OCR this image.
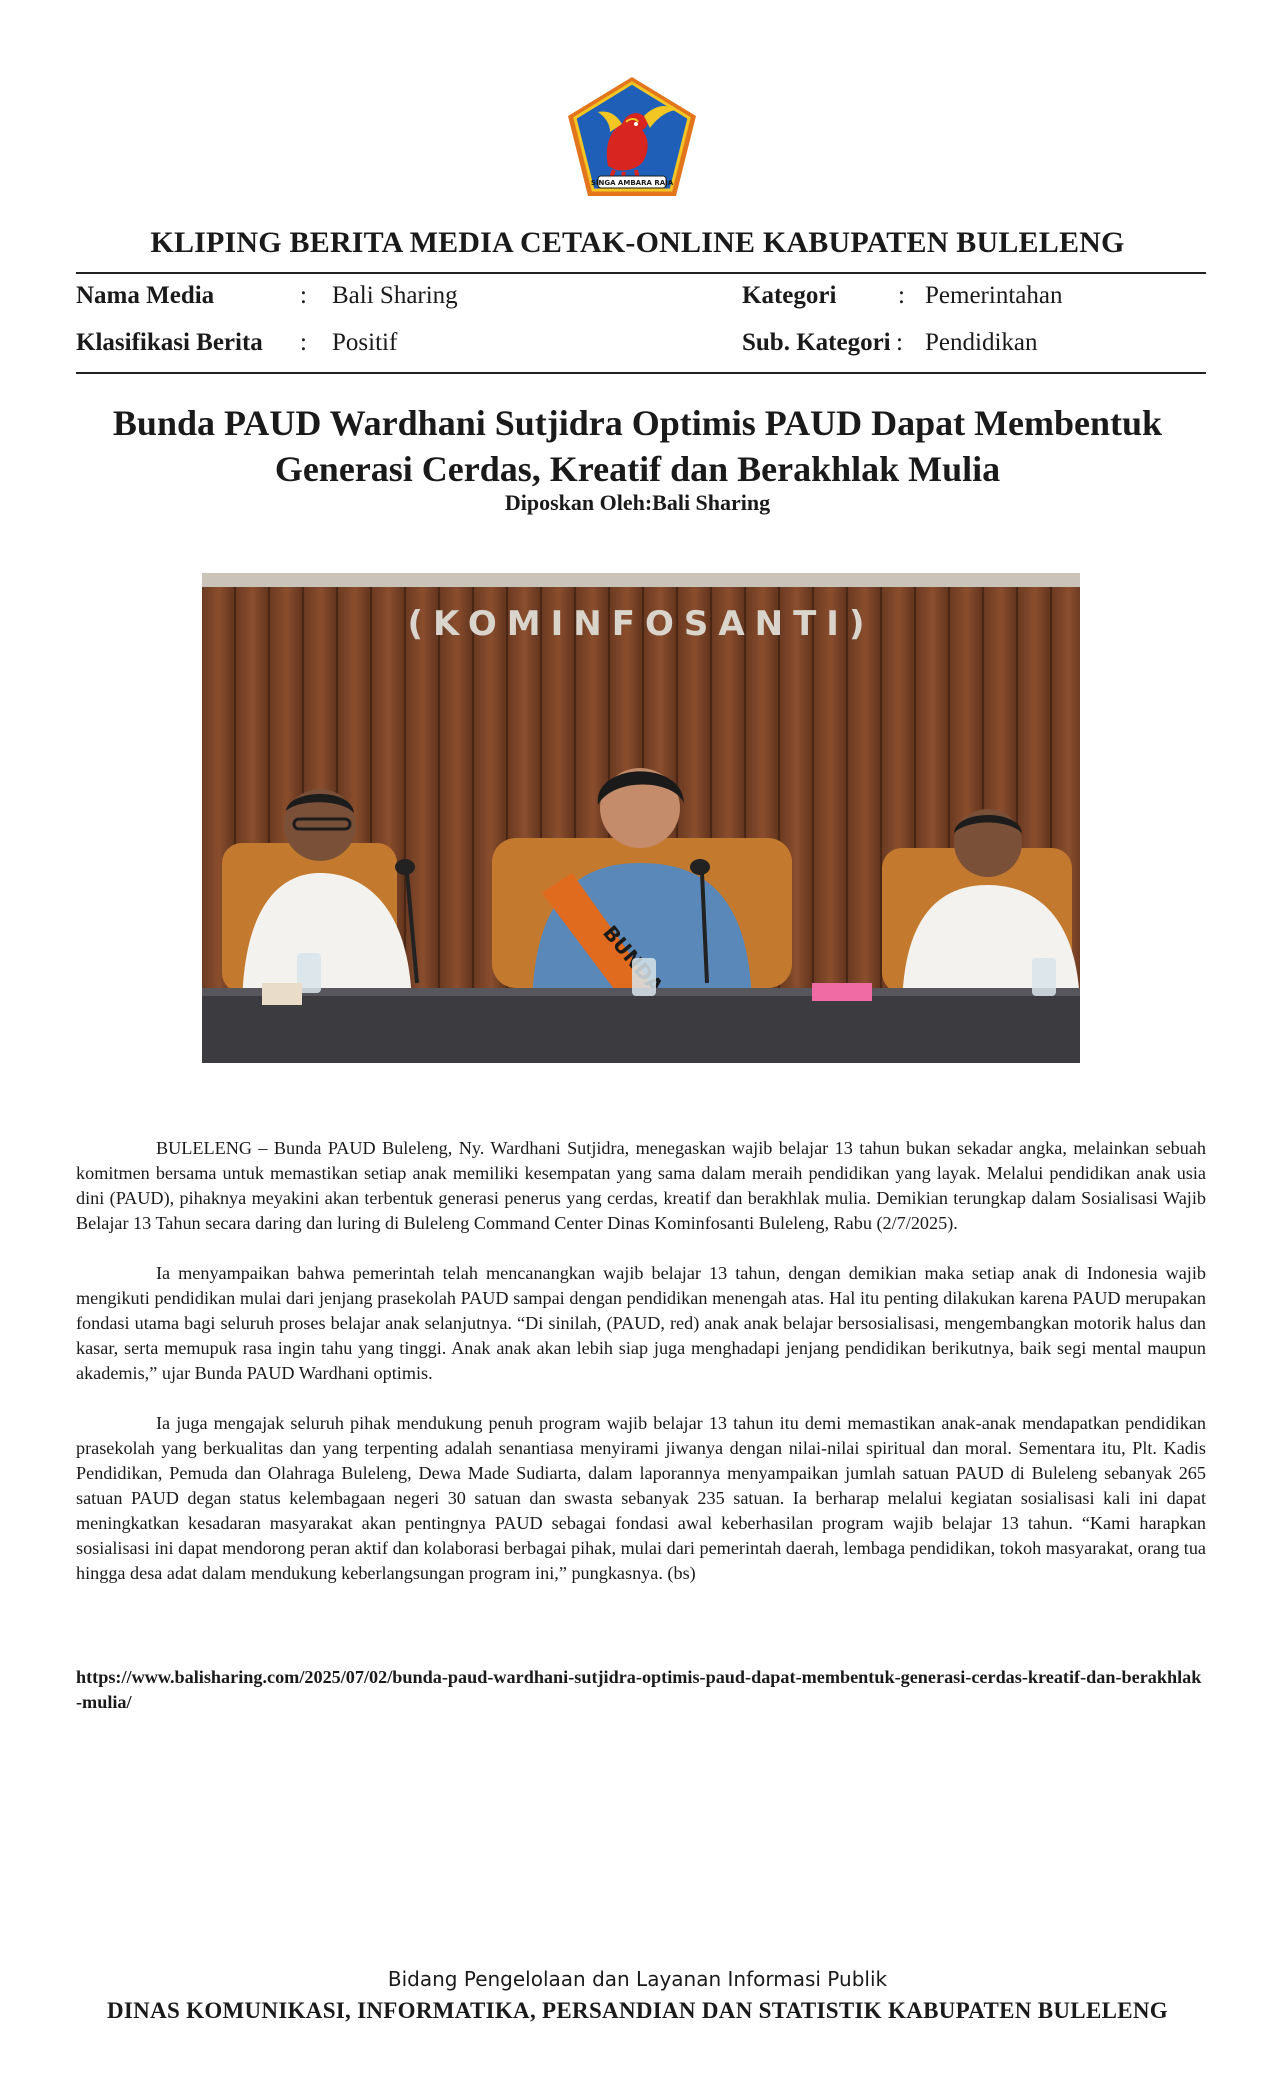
SINGA AMBARA RAJA
KLIPING BERITA MEDIA CETAK-ONLINE KABUPATEN BULELENG
Nama Media	: Bali Sharing
Klasifikasi Berita : Positif
Kategori : Pemerintahan
Sub. Kategori : Pendidikan
Bunda PAUD Wardhani Sutjidra Optimis PAUD Dapat Membentuk
Generasi Cerdas, Kreatif dan Berakhlak Mulia
Diposkan Oleh:Bali Sharing
(KOMINFOSANTI)

BULELENG – Bunda PAUD Buleleng, Ny. Wardhani Sutjidra, menegaskan wajib belajar 13 tahun bukan sekadar angka, melainkan sebuah komitmen bersama untuk memastikan setiap anak memiliki kesempatan yang sama dalam meraih pendidikan yang layak. Melalui pendidikan anak usia dini (PAUD), pihaknya meyakini akan terbentuk generasi penerus yang cerdas, kreatif dan berakhlak mulia. Demikian terungkap dalam Sosialisasi Wajib Belajar 13 Tahun secara daring dan luring di Buleleng Command Center Dinas Kominfosanti Buleleng, Rabu (2/7/2025).

Ia menyampaikan bahwa pemerintah telah mencanangkan wajib belajar 13 tahun, dengan demikian maka setiap anak di Indonesia wajib mengikuti pendidikan mulai dari jenjang prasekolah PAUD sampai dengan pendidikan menengah atas. Hal itu penting dilakukan karena PAUD merupakan fondasi utama bagi seluruh proses belajar anak selanjutnya. “Di sinilah, (PAUD, red) anak anak belajar bersosialisasi, mengembangkan motorik halus dan kasar, serta memupuk rasa ingin tahu yang tinggi. Anak anak akan lebih siap juga menghadapi jenjang pendidikan berikutnya, baik segi mental maupun akademis,” ujar Bunda PAUD Wardhani optimis.

Ia juga mengajak seluruh pihak mendukung penuh program wajib belajar 13 tahun itu demi memastikan anak-anak mendapatkan pendidikan prasekolah yang berkualitas dan yang terpenting adalah senantiasa menyirami jiwanya dengan nilai-nilai spiritual dan moral. Sementara itu, Plt. Kadis Pendidikan, Pemuda dan Olahraga Buleleng, Dewa Made Sudiarta, dalam laporannya menyampaikan jumlah satuan PAUD di Buleleng sebanyak 265 satuan PAUD degan status kelembagaan negeri 30 satuan dan swasta sebanyak 235 satuan. Ia berharap melalui kegiatan sosialisasi kali ini dapat meningkatkan kesadaran masyarakat akan pentingnya PAUD sebagai fondasi awal keberhasilan program wajib belajar 13 tahun. “Kami harapkan sosialisasi ini dapat mendorong peran aktif dan kolaborasi berbagai pihak, mulai dari pemerintah daerah, lembaga pendidikan, tokoh masyarakat, orang tua hingga desa adat dalam mendukung keberlangsungan program ini,” pungkasnya. (bs)

https://www.balisharing.com/2025/07/02/bunda-paud-wardhani-sutjidra-optimis-paud-dapat-membentuk-generasi-cerdas-kreatif-dan-berakhlak-mulia/
Bidang Pengelolaan dan Layanan Informasi Publik
DINAS KOMUNIKASI, INFORMATIKA, PERSANDIAN DAN STATISTIK KABUPATEN BULELENG
